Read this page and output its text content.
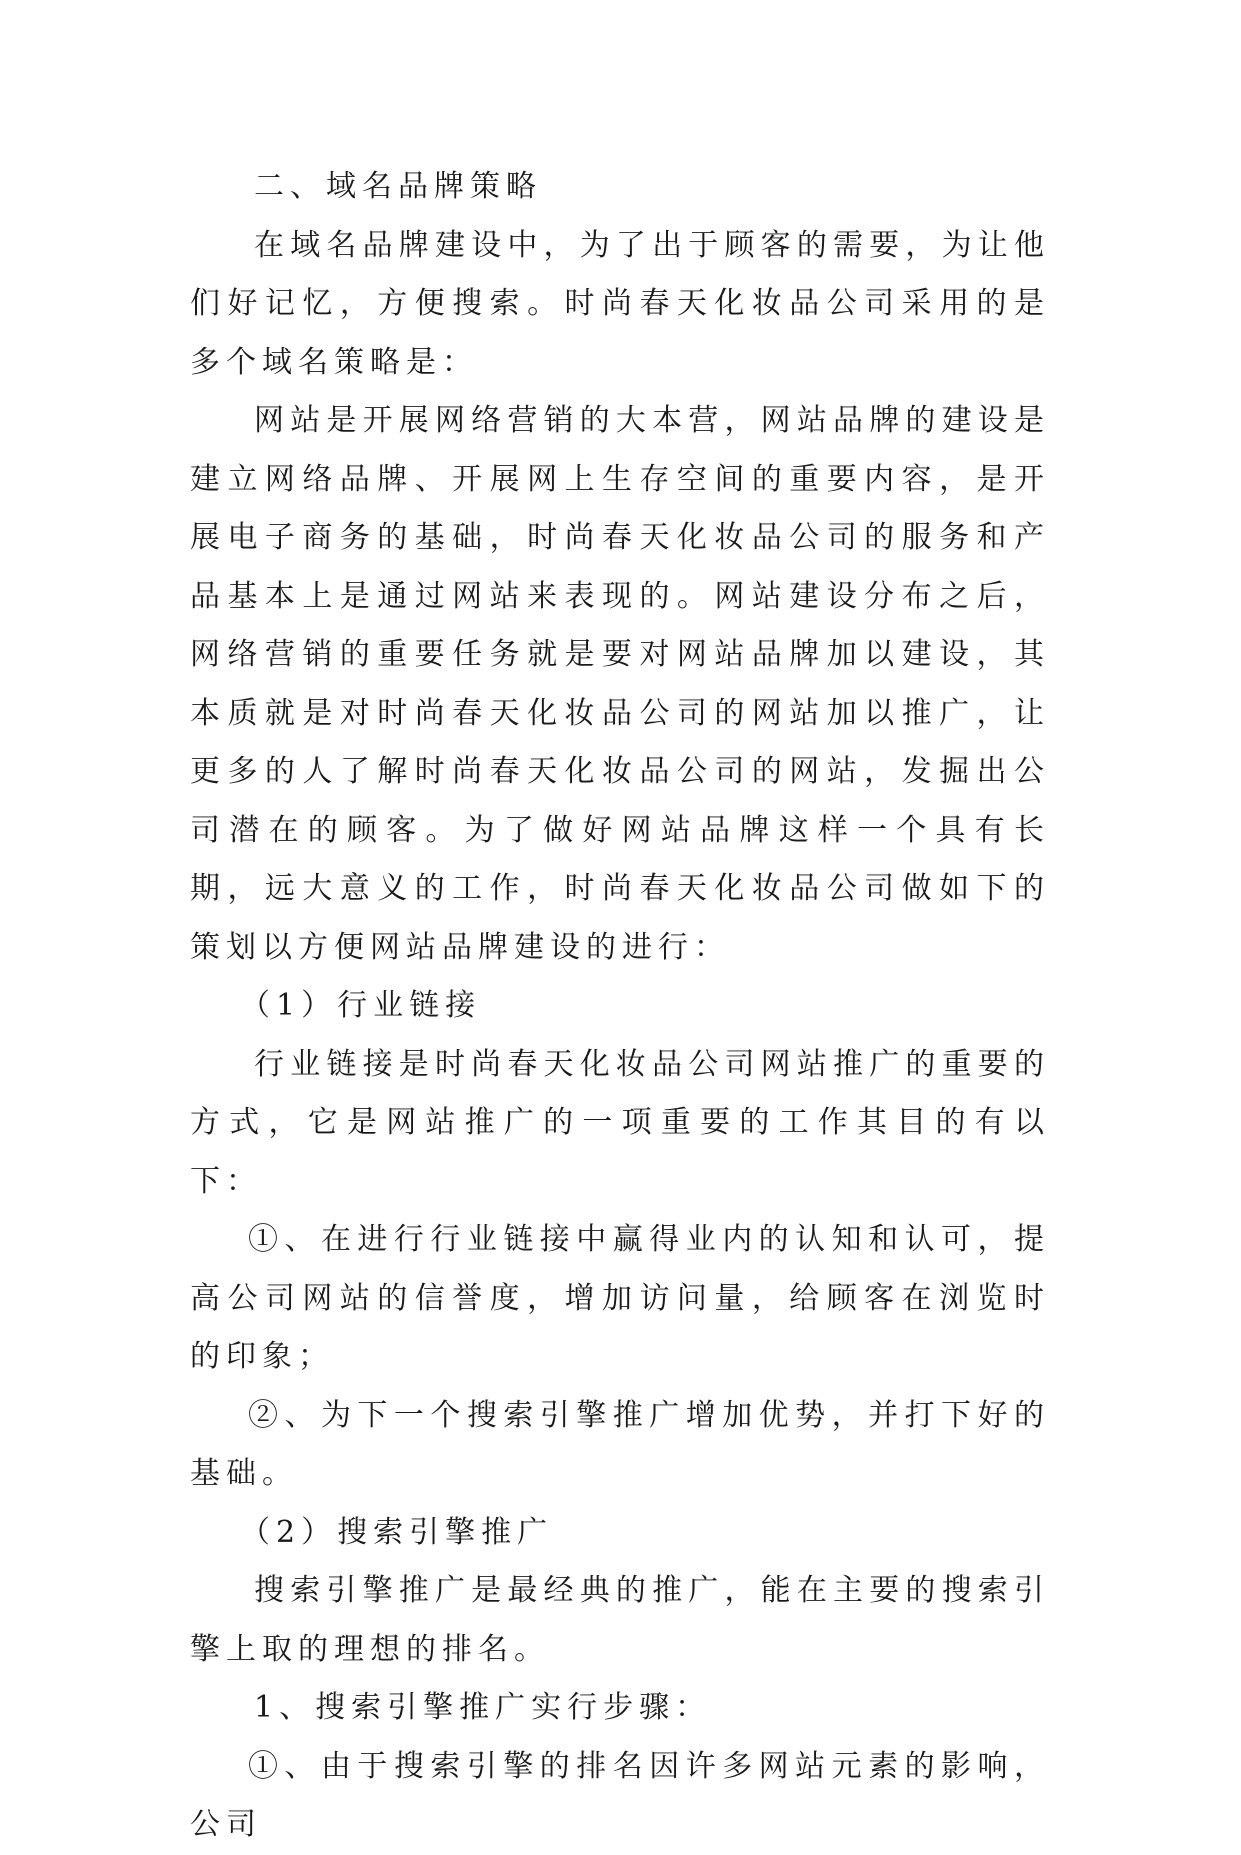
二、域名品牌策略

在域名品牌建设中，为了出于顾客的需要，为让他们好记忆，方便搜索。时尚春天化妆品公司采用的是多个域名策略是：

网站是开展网络营销的大本营，网站品牌的建设是建立网络品牌、开展网上生存空间的重要内容，是开展电子商务的基础，时尚春天化妆品公司的服务和产品基本上是通过网站来表现的。网站建设分布之后，网络营销的重要任务就是要对网站品牌加以建设，其本质就是对时尚春天化妆品公司的网站加以推广，让更多的人了解时尚春天化妆品公司的网站，发掘出公司潜在的顾客。为了做好网站品牌这样一个具有长期，远大意义的工作，时尚春天化妆品公司做如下的策划以方便网站品牌建设的进行：

（1）行业链接

行业链接是时尚春天化妆品公司网站推广的重要的方式，它是网站推广的一项重要的工作其目的有以下：

①、在进行行业链接中赢得业内的认知和认可，提高公司网站的信誉度，增加访问量，给顾客在浏览时的印象；

②、为下一个搜索引擎推广增加优势，并打下好的基础。

（2）搜索引擎推广

搜索引擎推广是最经典的推广，能在主要的搜索引擎上取的理想的排名。

1、搜索引擎推广实行步骤：

①、由于搜索引擎的排名因许多网站元素的影响，公司
